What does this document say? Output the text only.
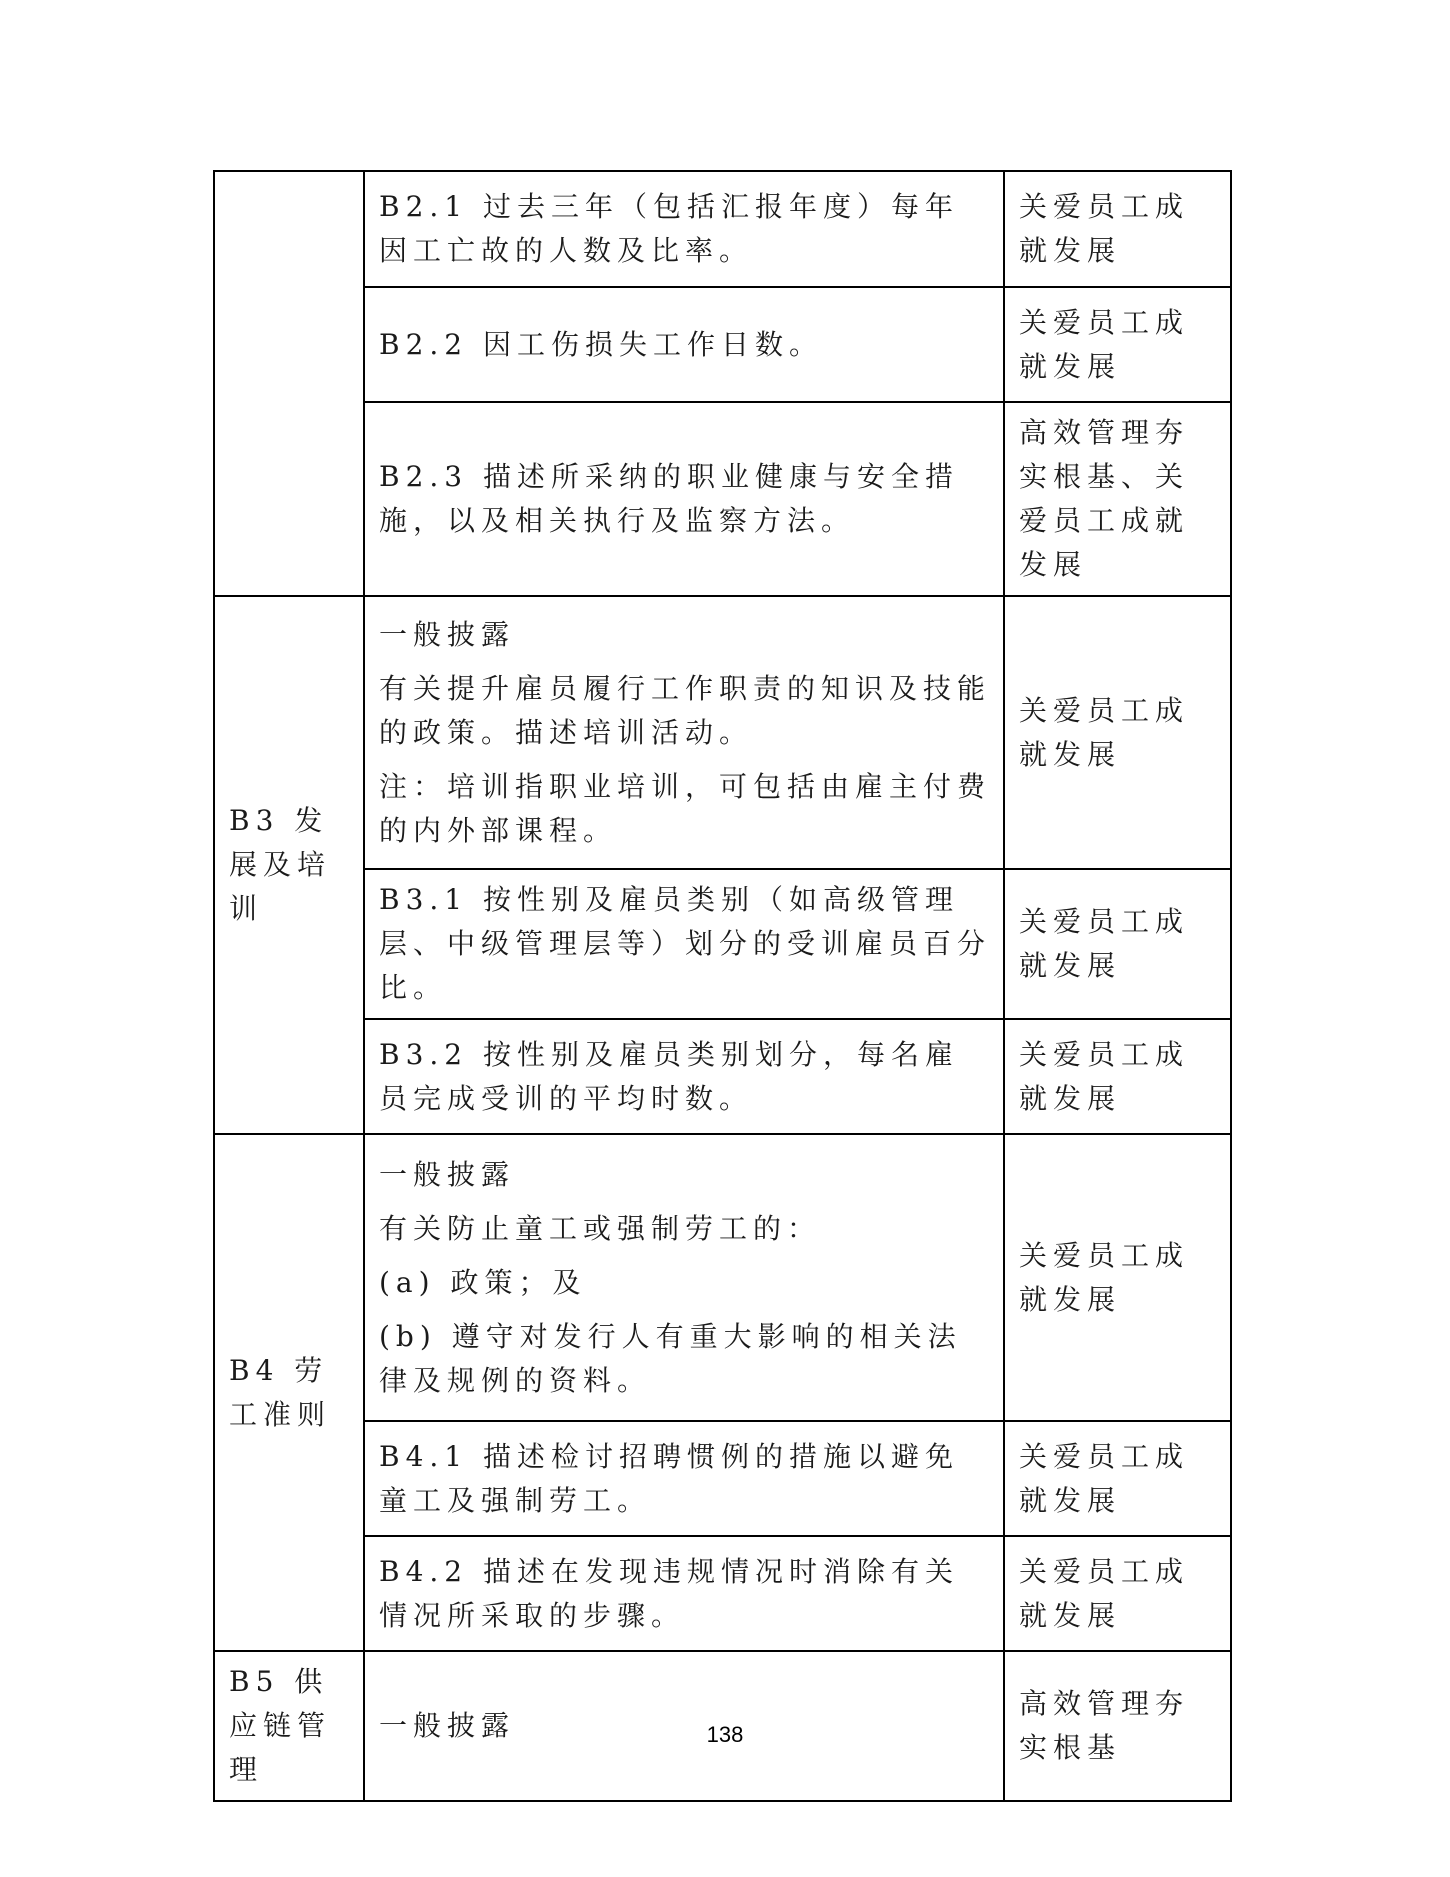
	B2.1 过去三年（包括汇报年度）每年因工亡故的人数及比率。	关爱员工成就发展

	B2.2 因工伤损失工作日数。	关爱员工成就发展

	B2.3 描述所采纳的职业健康与安全措施，以及相关执行及监察方法。	高效管理夯实根基、关爱员工成就发展
B3 发展及培训	一般披露

有关提升雇员履行工作职责的知识及技能的政策。描述培训活动。

注：培训指职业培训，可包括由雇主付费的内外部课程。	关爱员工成就发展

	B3.1 按性别及雇员类别（如高级管理层、中级管理层等）划分的受训雇员百分比。	关爱员工成就发展

	B3.2 按性别及雇员类别划分，每名雇员完成受训的平均时数。	关爱员工成就发展
B4 劳工准则	一般披露

有关防止童工或强制劳工的：

(a) 政策；及

(b) 遵守对发行人有重大影响的相关法律及规例的资料。	关爱员工成就发展

	B4.1 描述检讨招聘惯例的措施以避免童工及强制劳工。	关爱员工成就发展

	B4.2 描述在发现违规情况时消除有关情况所采取的步骤。	关爱员工成就发展
B5 供应链管理	一般披露	高效管理夯实根基
138
